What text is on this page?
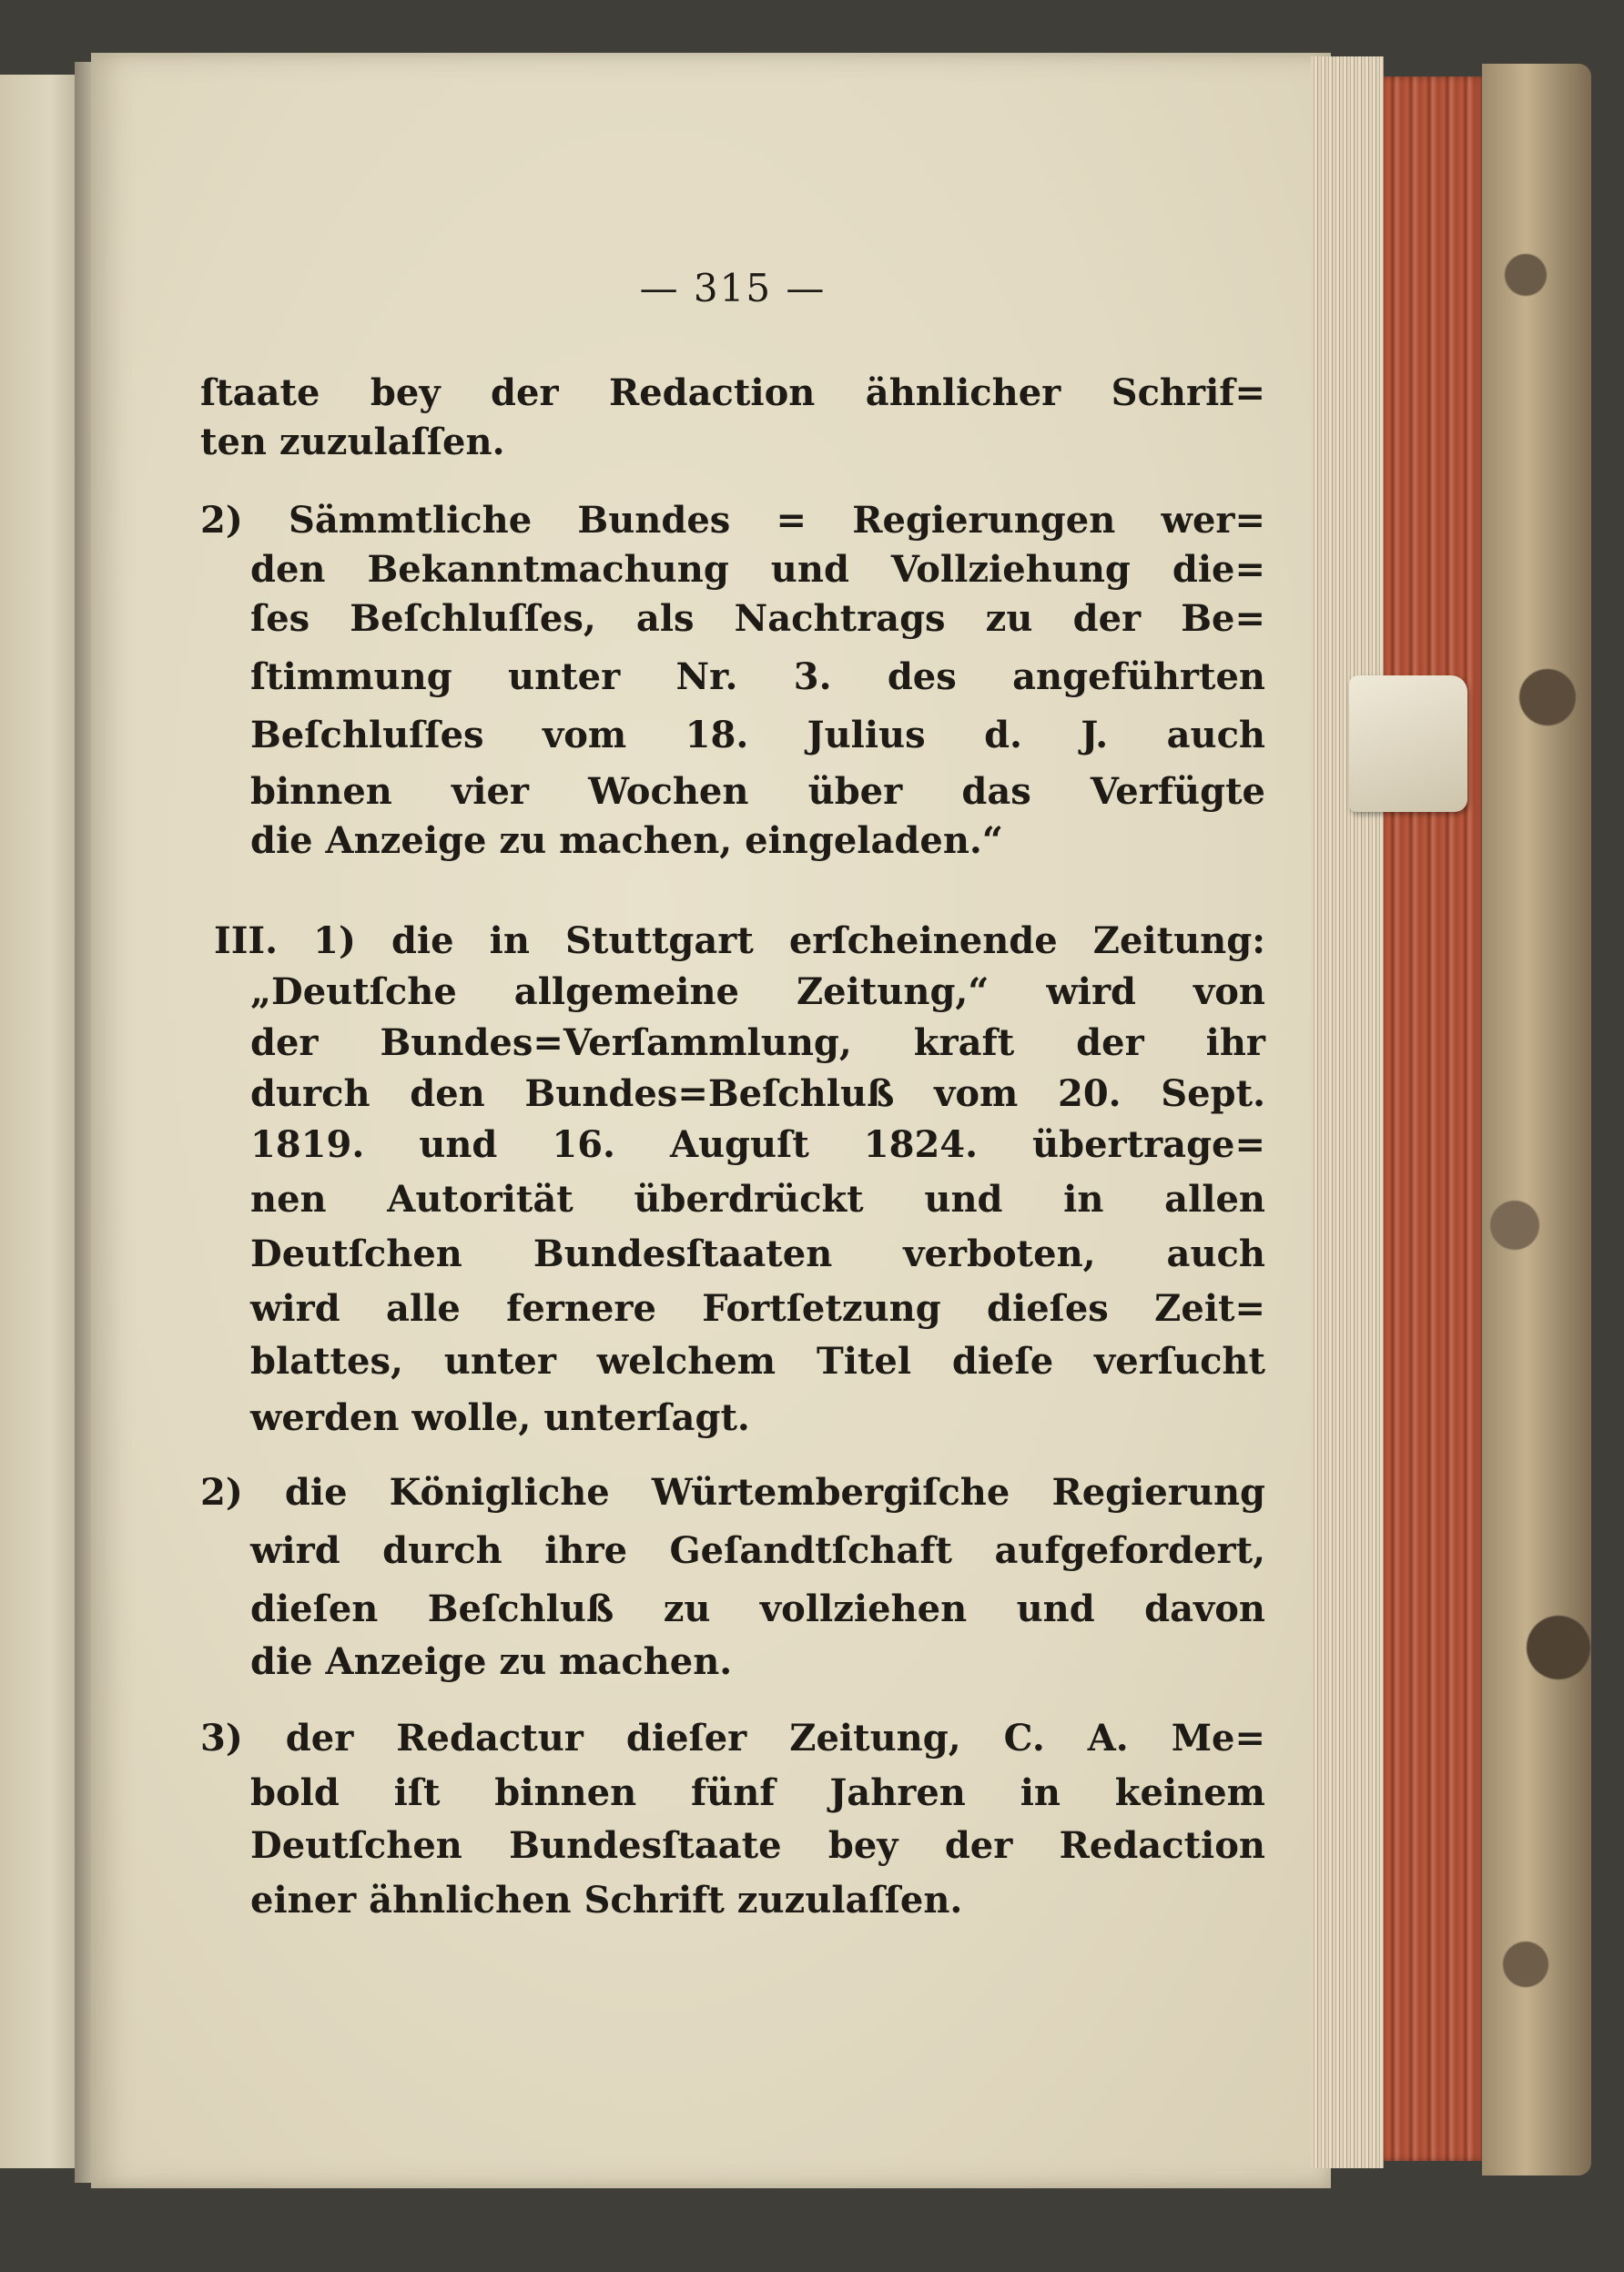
— 315 —
ſtaate bey der Redaction ähnlicher Schrif=
ten zuzulaſſen.
2) Sämmtliche Bundes = Regierungen wer=
den Bekanntmachung und Vollziehung die=
ſes Beſchluſſes, als Nachtrags zu der Be=
ſtimmung unter Nr. 3. des angeführten
Beſchluſſes vom 18. Julius d. J. auch
binnen vier Wochen über das Verfügte
die Anzeige zu machen, eingeladen.“
III. 1) die in Stuttgart erſcheinende Zeitung:
„Deutſche allgemeine Zeitung,“ wird von
der Bundes=Verſammlung, kraft der ihr
durch den Bundes=Beſchluß vom 20. Sept.
1819. und 16. Auguſt 1824. übertrage=
nen Autorität überdrückt und in allen
Deutſchen Bundesſtaaten verboten, auch
wird alle fernere Fortſetzung dieſes Zeit=
blattes, unter welchem Titel dieſe verſucht
werden wolle, unterſagt.
2) die Königliche Würtembergiſche Regierung
wird durch ihre Geſandtſchaft aufgefordert,
dieſen Beſchluß zu vollziehen und davon
die Anzeige zu machen.
3) der Redactur dieſer Zeitung, C. A. Me=
bold iſt binnen fünf Jahren in keinem
Deutſchen Bundesſtaate bey der Redaction
einer ähnlichen Schrift zuzulaſſen.
